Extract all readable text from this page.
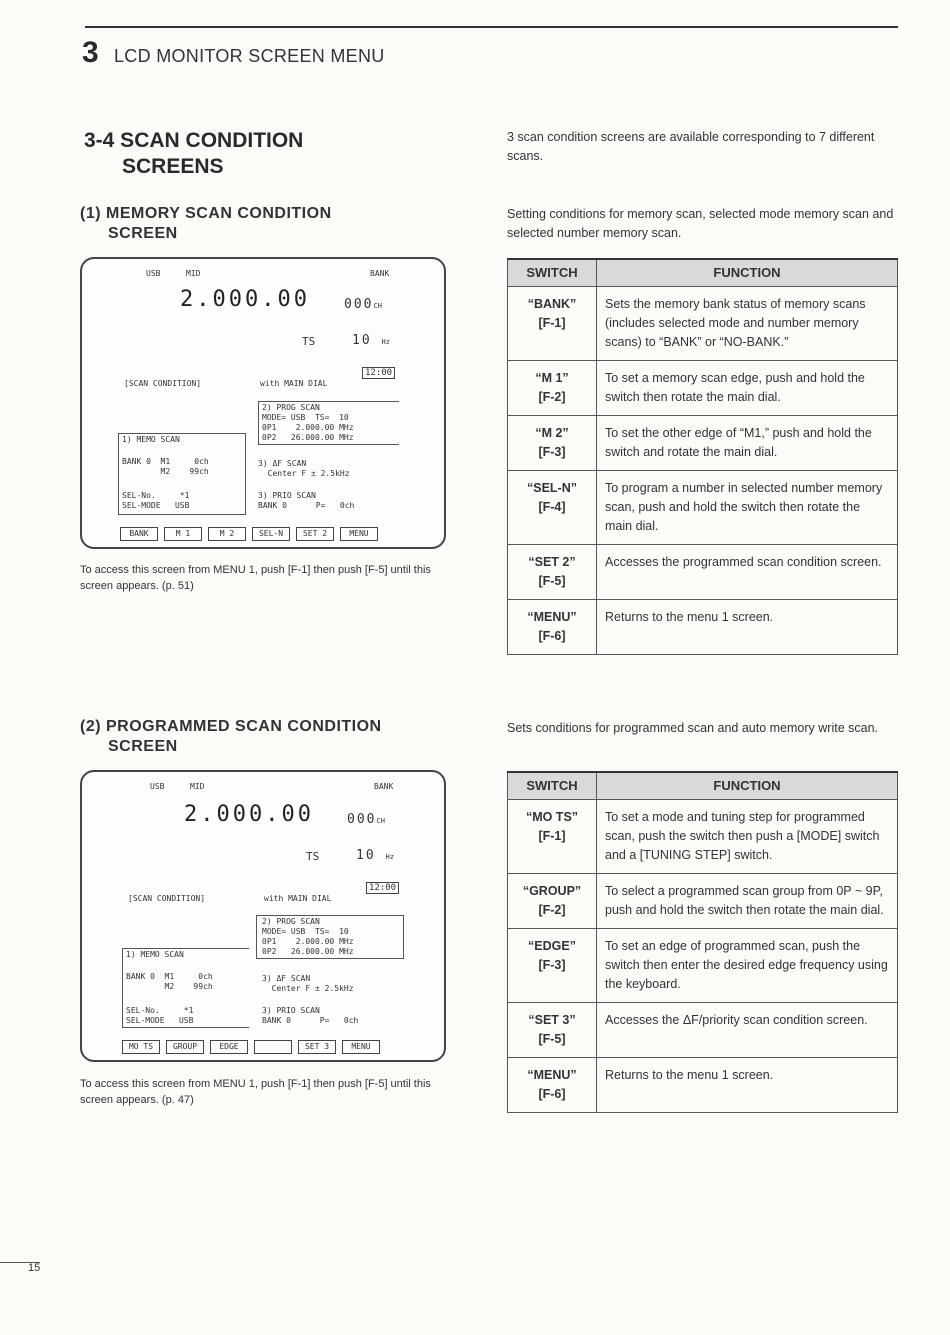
3 LCD MONITOR SCREEN MENU
3-4 SCAN CONDITION
SCREENS
3 scan condition screens are available corresponding to 7 different scans.
(1) MEMORY SCAN CONDITION
SCREEN
Setting conditions for memory scan, selected mode memory scan and selected number memory scan.
USB	MID	BANK
2.000.00	000CH
TS	10 Hz
12:00
[SCAN CONDITION]	with MAIN DIAL
2) PROG SCAN
MODE= USB  TS=  10
0P1    2.000.00 MHz
0P2   26.000.00 MHz
1) MEMO SCAN
BANK 0  M1     0ch
M2    99ch
SEL-No.     *1
SEL-MODE   USB
3) ΔF SCAN
Center F ± 2.5kHz
3) PRIO SCAN
BANK 0      P=   0ch
BANK	M 1	M 2	SEL-N	SET 2	MENU
To access this screen from MENU 1, push [F-1] then push [F-5] until this screen appears. (p. 51)
SWITCH	FUNCTION

“BANK”
[F-1]	Sets the memory bank status of memory scans (includes selected mode and number memory scans) to “BANK” or “NO-BANK.”

“M 1”
[F-2]	To set a memory scan edge, push and hold the switch then rotate the main dial.

“M 2”
[F-3]	To set the other edge of “M1,” push and hold the switch and rotate the main dial.

“SEL-N”
[F-4]	To program a number in selected number memory scan, push and hold the switch then rotate the main dial.

“SET 2”
[F-5]	Accesses the programmed scan condition screen.

“MENU”
[F-6]	Returns to the menu 1 screen.
(2) PROGRAMMED SCAN CONDITION
SCREEN
Sets conditions for programmed scan and auto memory write scan.
USB	MID	BANK
2.000.00	000CH
TS	10 Hz
12:00
[SCAN CONDITION]	with MAIN DIAL
2) PROG SCAN
MODE= USB  TS=  10
0P1    2.000.00 MHz
0P2   26.000.00 MHz
1) MEMO SCAN
BANK 0  M1     0ch
M2    99ch
SEL-No.     *1
SEL-MODE   USB
3) ΔF SCAN
Center F ± 2.5kHz
3) PRIO SCAN
BANK 0      P=   0ch
MO TS	GROUP	EDGE	SET 3	MENU
To access this screen from MENU 1, push [F-1] then push [F-5] until this screen appears. (p. 47)
SWITCH	FUNCTION

“MO TS”
[F-1]	To set a mode and tuning step for programmed scan, push the switch then push a [MODE] switch and a [TUNING STEP] switch.

“GROUP”
[F-2]	To select a programmed scan group from 0P ~ 9P, push and hold the switch then rotate the main dial.

“EDGE”
[F-3]	To set an edge of programmed scan, push the switch then enter the desired edge frequency using the keyboard.

“SET 3”
[F-5]	Accesses the ΔF/priority scan condition screen.

“MENU”
[F-6]	Returns to the menu 1 screen.
15
